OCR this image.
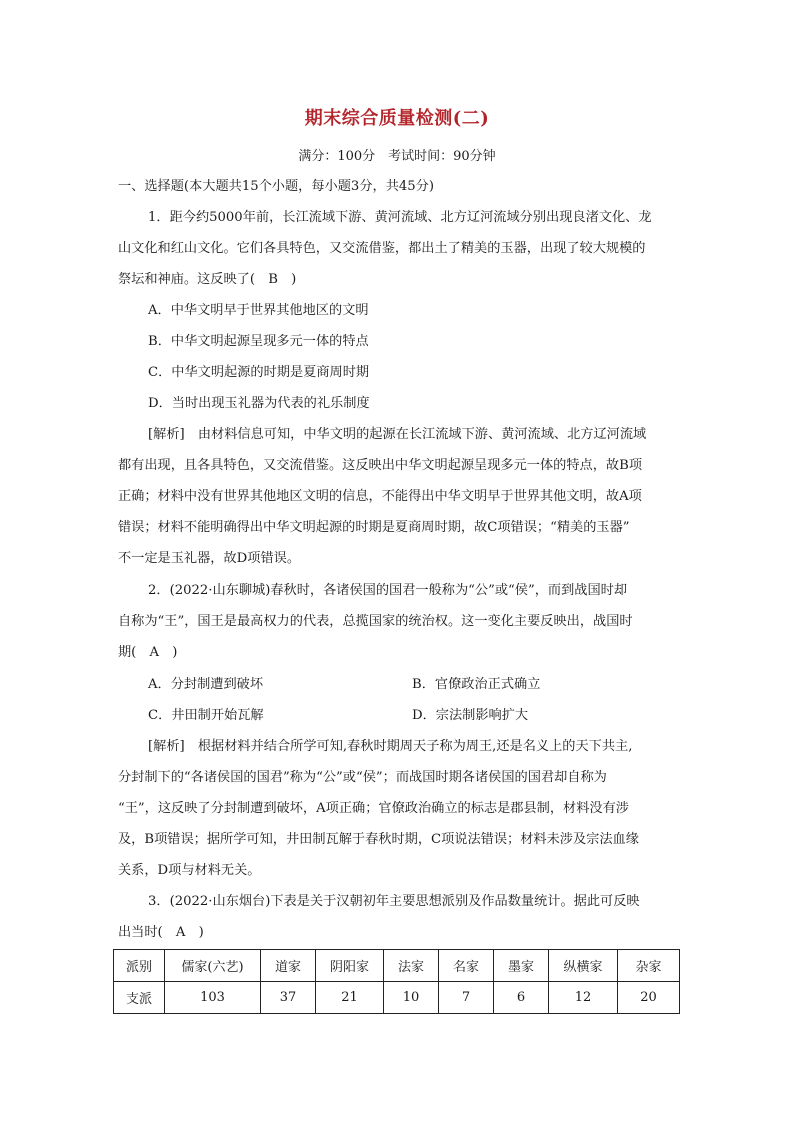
期末综合质量检测(二)
满分：100分　考试时间：90分钟
一、选择题(本大题共15个小题，每小题3分，共45分)
1．距今约5000年前，长江流域下游、黄河流域、北方辽河流域分别出现良渚文化、龙
山文化和红山文化。它们各具特色，又交流借鉴，都出土了精美的玉器，出现了较大规模的
祭坛和神庙。这反映了(　B　)
A．中华文明早于世界其他地区的文明
B．中华文明起源呈现多元一体的特点
C．中华文明起源的时期是夏商周时期
D．当时出现玉礼器为代表的礼乐制度
[解析]　由材料信息可知，中华文明的起源在长江流域下游、黄河流域、北方辽河流域
都有出现，且各具特色，又交流借鉴。这反映出中华文明起源呈现多元一体的特点，故B项
正确；材料中没有世界其他地区文明的信息，不能得出中华文明早于世界其他文明，故A项
错误；材料不能明确得出中华文明起源的时期是夏商周时期，故C项错误；“精美的玉器”
不一定是玉礼器，故D项错误。
2．(2022·山东聊城)春秋时，各诸侯国的国君一般称为“公”或“侯”，而到战国时却
自称为“王”，国王是最高权力的代表，总揽国家的统治权。这一变化主要反映出，战国时
期(　A　)
A．分封制遭到破坏	B．官僚政治正式确立
C．井田制开始瓦解	D．宗法制影响扩大
[解析]　根据材料并结合所学可知,春秋时期周天子称为周王,还是名义上的天下共主,
分封制下的“各诸侯国的国君”称为“公”或“侯”；而战国时期各诸侯国的国君却自称为
“王”，这反映了分封制遭到破坏，A项正确；官僚政治确立的标志是郡县制，材料没有涉
及，B项错误；据所学可知，井田制瓦解于春秋时期，C项说法错误；材料未涉及宗法血缘
关系，D项与材料无关。
3．(2022·山东烟台)下表是关于汉朝初年主要思想派别及作品数量统计。据此可反映
出当时(　A　)
派别	儒家(六艺)	道家	阴阳家	法家	名家	墨家	纵横家	杂家
支派	103	37	21	10	7	6	12	20
